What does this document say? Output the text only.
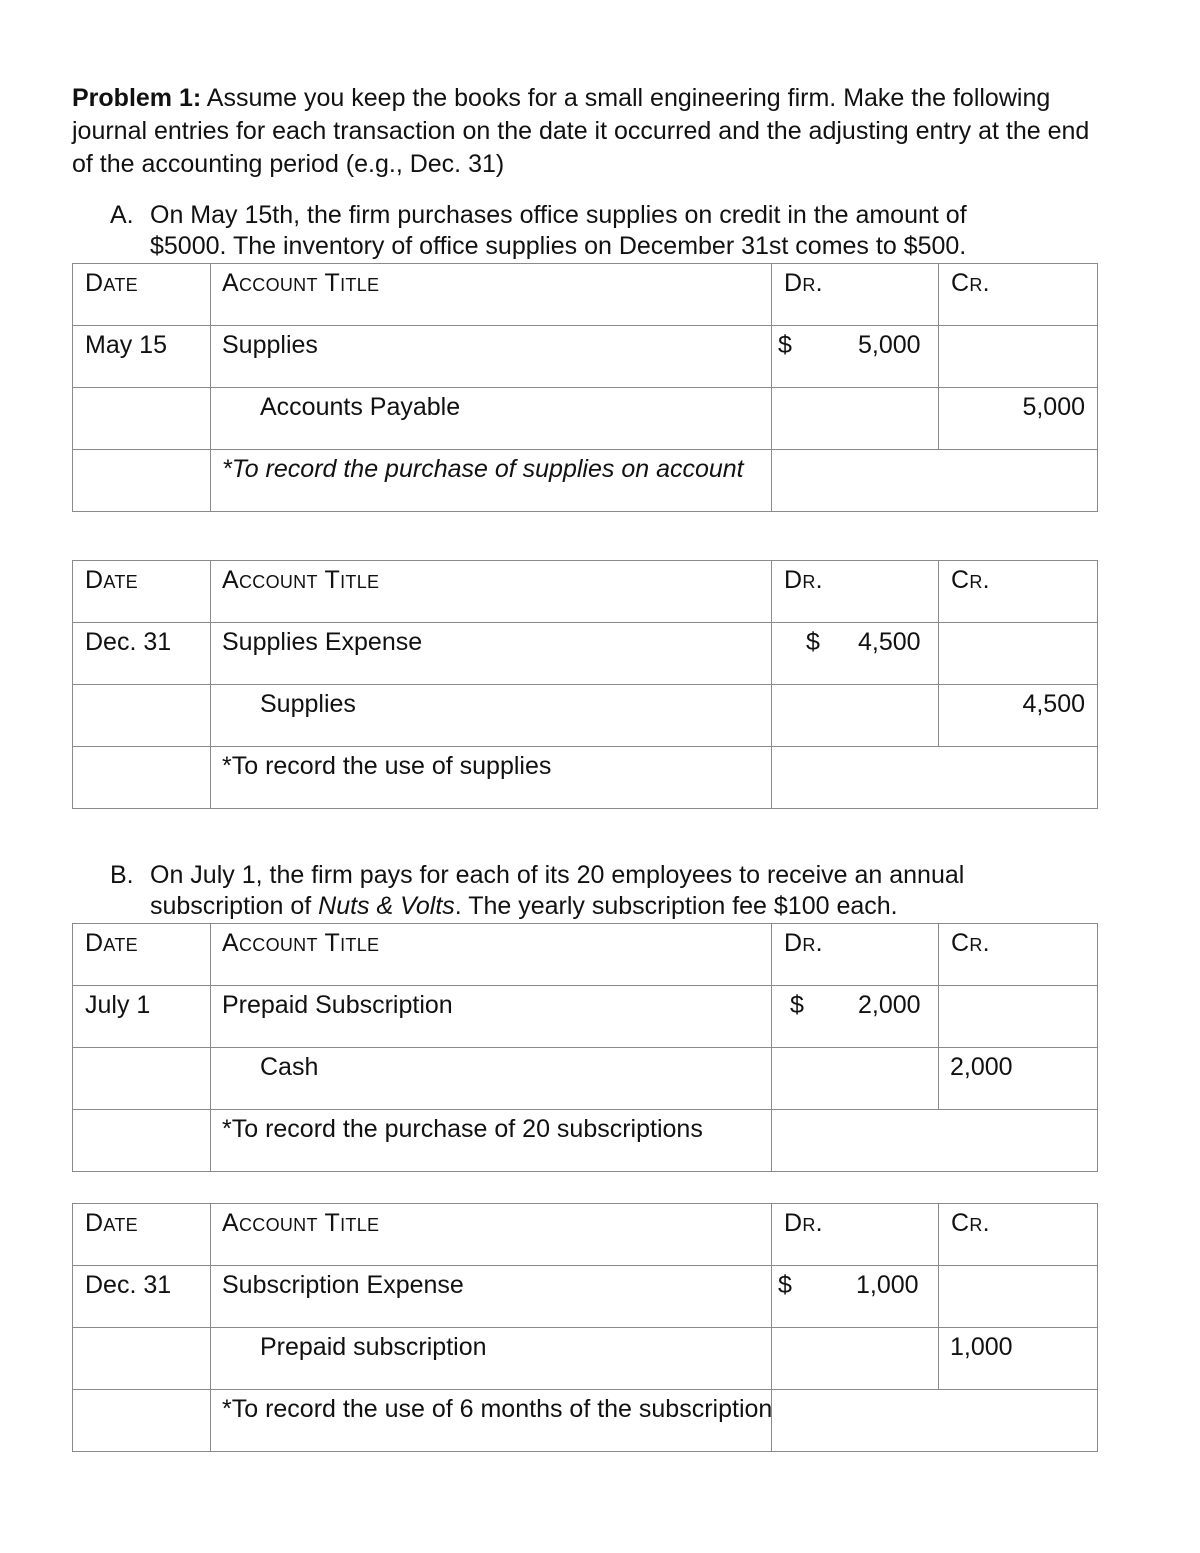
Problem 1: Assume you keep the books for a small engineering firm. Make the following journal entries for each transaction on the date it occurred and the adjusting entry at the end of the accounting period (e.g., Dec. 31)
A. On May 15th, the firm purchases office supplies on credit in the amount of
$5000. The inventory of office supplies on December 31st comes to $500.
Date	Account Title	Dr.	Cr.
May 15	Supplies	$ 5,000	

	Accounts Payable		5,000
	*To record the purchase of supplies on account		
Date	Account Title	Dr.	Cr.
Dec. 31	Supplies Expense	$ 4,500	

	Supplies		4,500
	*To record the use of supplies		
B. On July 1, the firm pays for each of its 20 employees to receive an annual
subscription of Nuts & Volts. The yearly subscription fee $100 each.
Date	Account Title	Dr.	Cr.
July 1	Prepaid Subscription	$ 2,000	

	Cash		2,000
	*To record the purchase of 20 subscriptions		
Date	Account Title	Dr.	Cr.
Dec. 31	Subscription Expense	$ 1,000	

	Prepaid subscription		1,000
	*To record the use of 6 months of the subscription		
